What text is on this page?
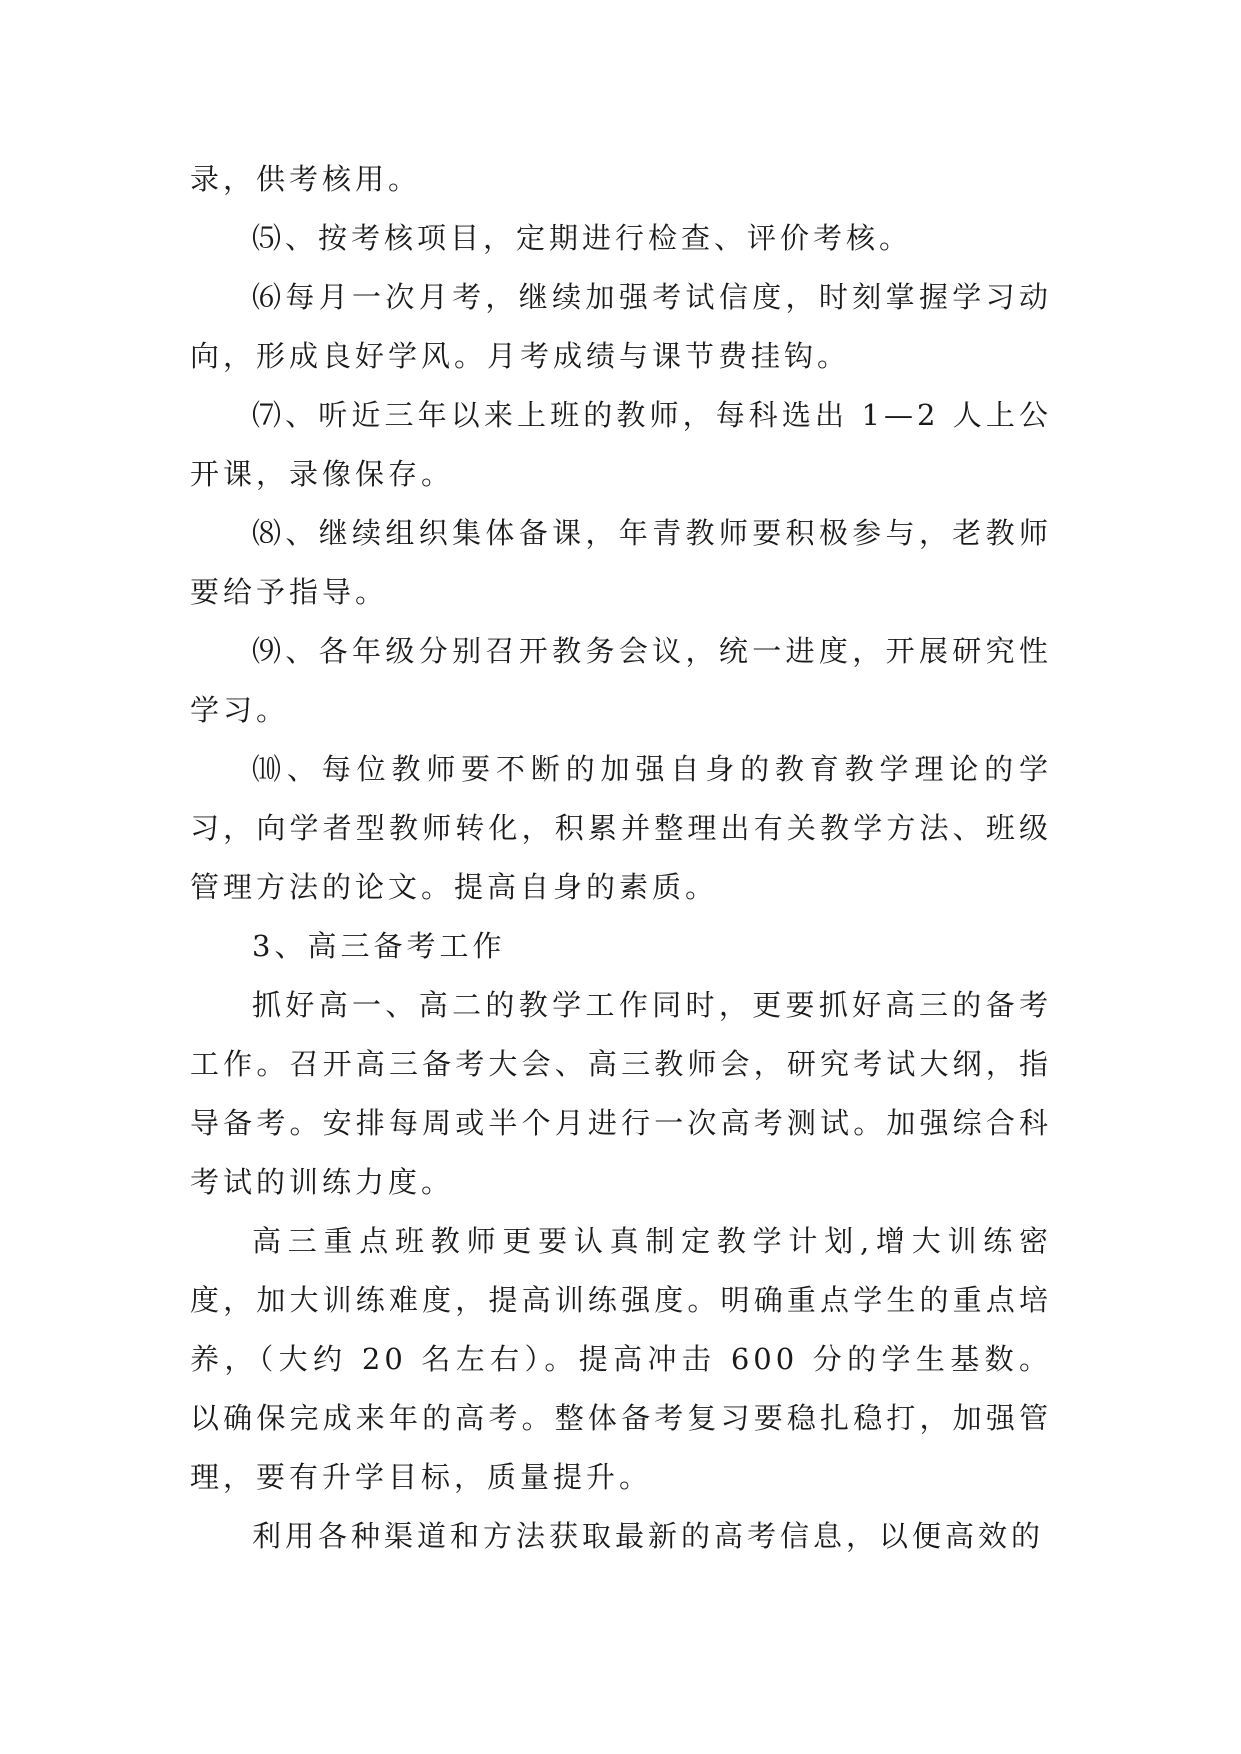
录，供考核用。

⑸、按考核项目，定期进行检查、评价考核。

⑹每月一次月考，继续加强考试信度，时刻掌握学习动向，形成良好学风。月考成绩与课节费挂钩。

⑺、听近三年以来上班的教师，每科选出 1—2 人上公开课，录像保存。

⑻、继续组织集体备课，年青教师要积极参与，老教师要给予指导。

⑼、各年级分别召开教务会议，统一进度，开展研究性学习。

⑽、每位教师要不断的加强自身的教育教学理论的学习，向学者型教师转化，积累并整理出有关教学方法、班级管理方法的论文。提高自身的素质。

3、高三备考工作

抓好高一、高二的教学工作同时，更要抓好高三的备考工作。召开高三备考大会、高三教师会，研究考试大纲，指导备考。安排每周或半个月进行一次高考测试。加强综合科考试的训练力度。

高三重点班教师更要认真制定教学计划,增大训练密度，加大训练难度，提高训练强度。明确重点学生的重点培养，（大约 20 名左右）。提高冲击 600 分的学生基数。以确保完成来年的高考。整体备考复习要稳扎稳打，加强管理，要有升学目标，质量提升。

利用各种渠道和方法获取最新的高考信息，以便高效的
